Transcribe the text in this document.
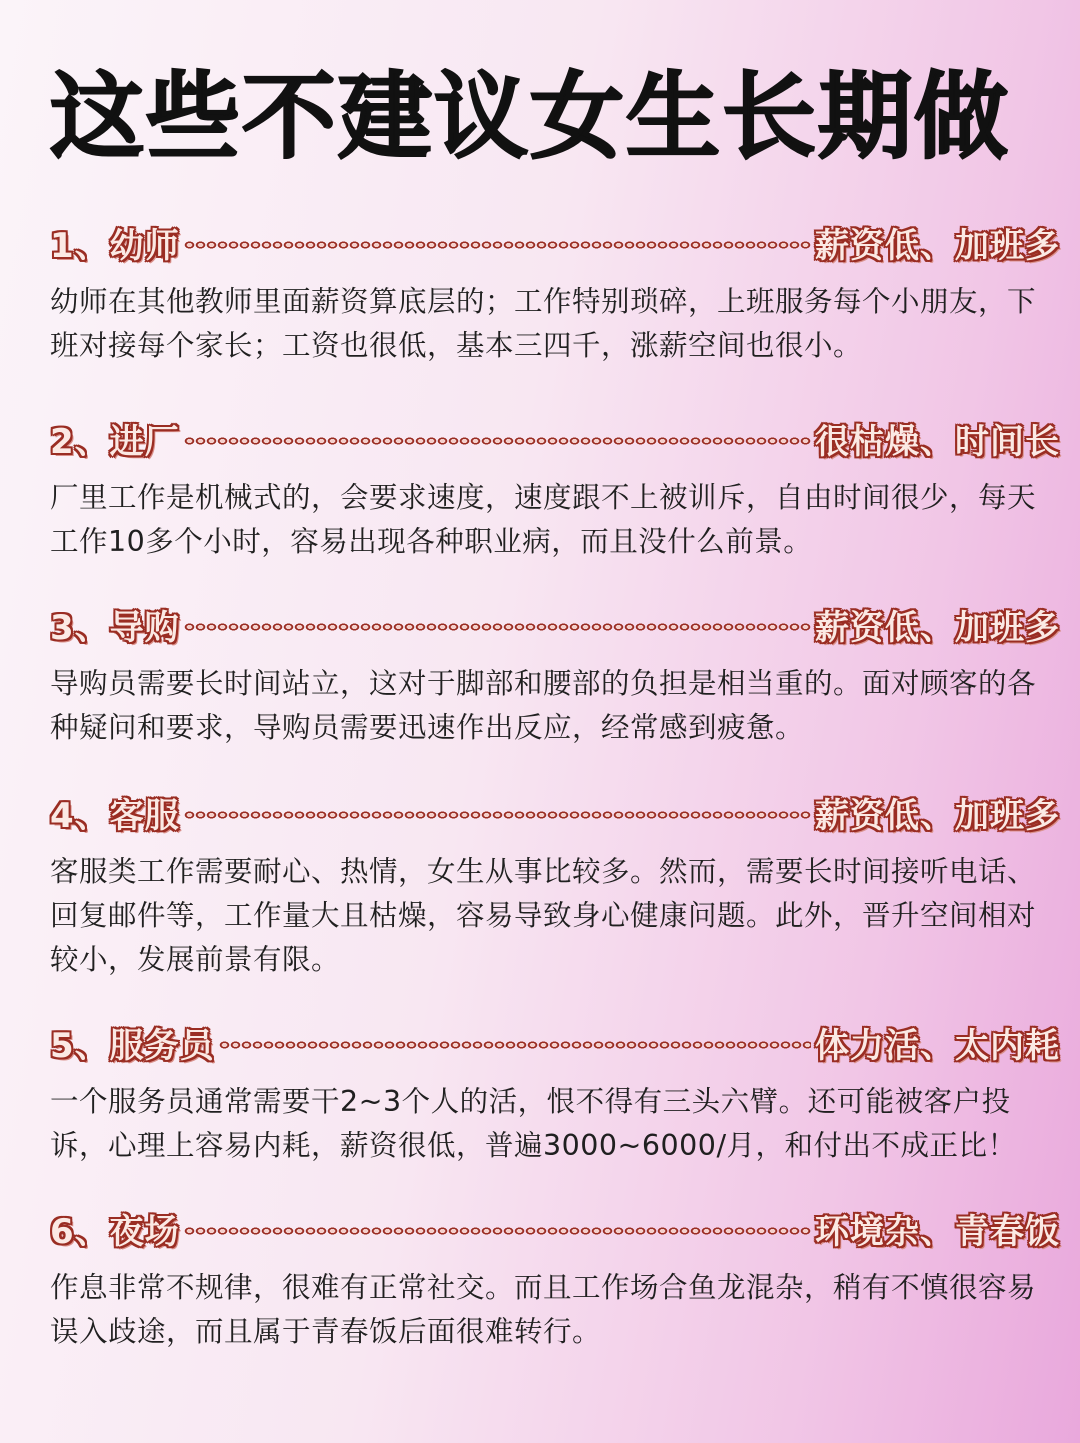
这些不建议女生长期做
1、 幼师	薪资低、加班多

幼师在其他教师里面薪资算底层的；工作特别琐碎，上班服务每个小朋友，下班对接每个家长；工资也很低，基本三四千，涨薪空间也很小。

2、 进厂	很枯燥、时间长

厂里工作是机械式的，会要求速度，速度跟不上被训斥，自由时间很少，每天工作10多个小时，容易出现各种职业病，而且没什么前景。

3、 导购	薪资低、加班多

导购员需要长时间站立，这对于脚部和腰部的负担是相当重的。面对顾客的各种疑问和要求，导购员需要迅速作出反应，经常感到疲惫。

4、 客服	薪资低、加班多

客服类工作需要耐心、热情，女生从事比较多。然而，需要长时间接听电话、回复邮件等，工作量大且枯燥，容易导致身心健康问题。此外，晋升空间相对较小，发展前景有限。

5、 服务员	体力活、太内耗

一个服务员通常需要干2~3个人的活，恨不得有三头六臂。还可能被客户投诉，心理上容易内耗，薪资很低，普遍3000~6000/月，和付出不成正比！

6、 夜场	环境杂、青春饭

作息非常不规律，很难有正常社交。而且工作场合鱼龙混杂，稍有不慎很容易误入歧途，而且属于青春饭后面很难转行。
